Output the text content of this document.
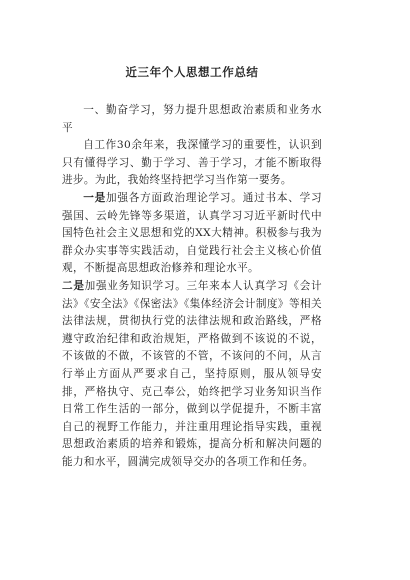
近三年个人思想工作总结

一、勤奋学习，努力提升思想政治素质和业务水平

自工作30余年来，我深懂学习的重要性，认识到只有懂得学习、勤于学习、善于学习，才能不断取得进步。为此，我始终坚持把学习当作第一要务。

一是加强各方面政治理论学习。通过书本、学习强国、云岭先锋等多渠道，认真学习习近平新时代中国特色社会主义思想和党的XX大精神。积极参与我为群众办实事等实践活动，自觉践行社会主义核心价值观，不断提高思想政治修养和理论水平。

二是加强业务知识学习。三年来本人认真学习《会计法》《安全法》《保密法》《集体经济会计制度》等相关法律法规，贯彻执行党的法律法规和政治路线，严格遵守政治纪律和政治规矩，严格做到不该说的不说，不该做的不做，不该管的不管，不该问的不问，从言行举止方面从严要求自己，坚持原则，服从领导安排，严格执守、克己奉公，始终把学习业务知识当作日常工作生活的一部分，做到以学促提升，不断丰富自己的视野工作能力，并注重用理论指导实践，重视思想政治素质的培养和锻炼，提高分析和解决问题的能力和水平，圆满完成领导交办的各项工作和任务。
